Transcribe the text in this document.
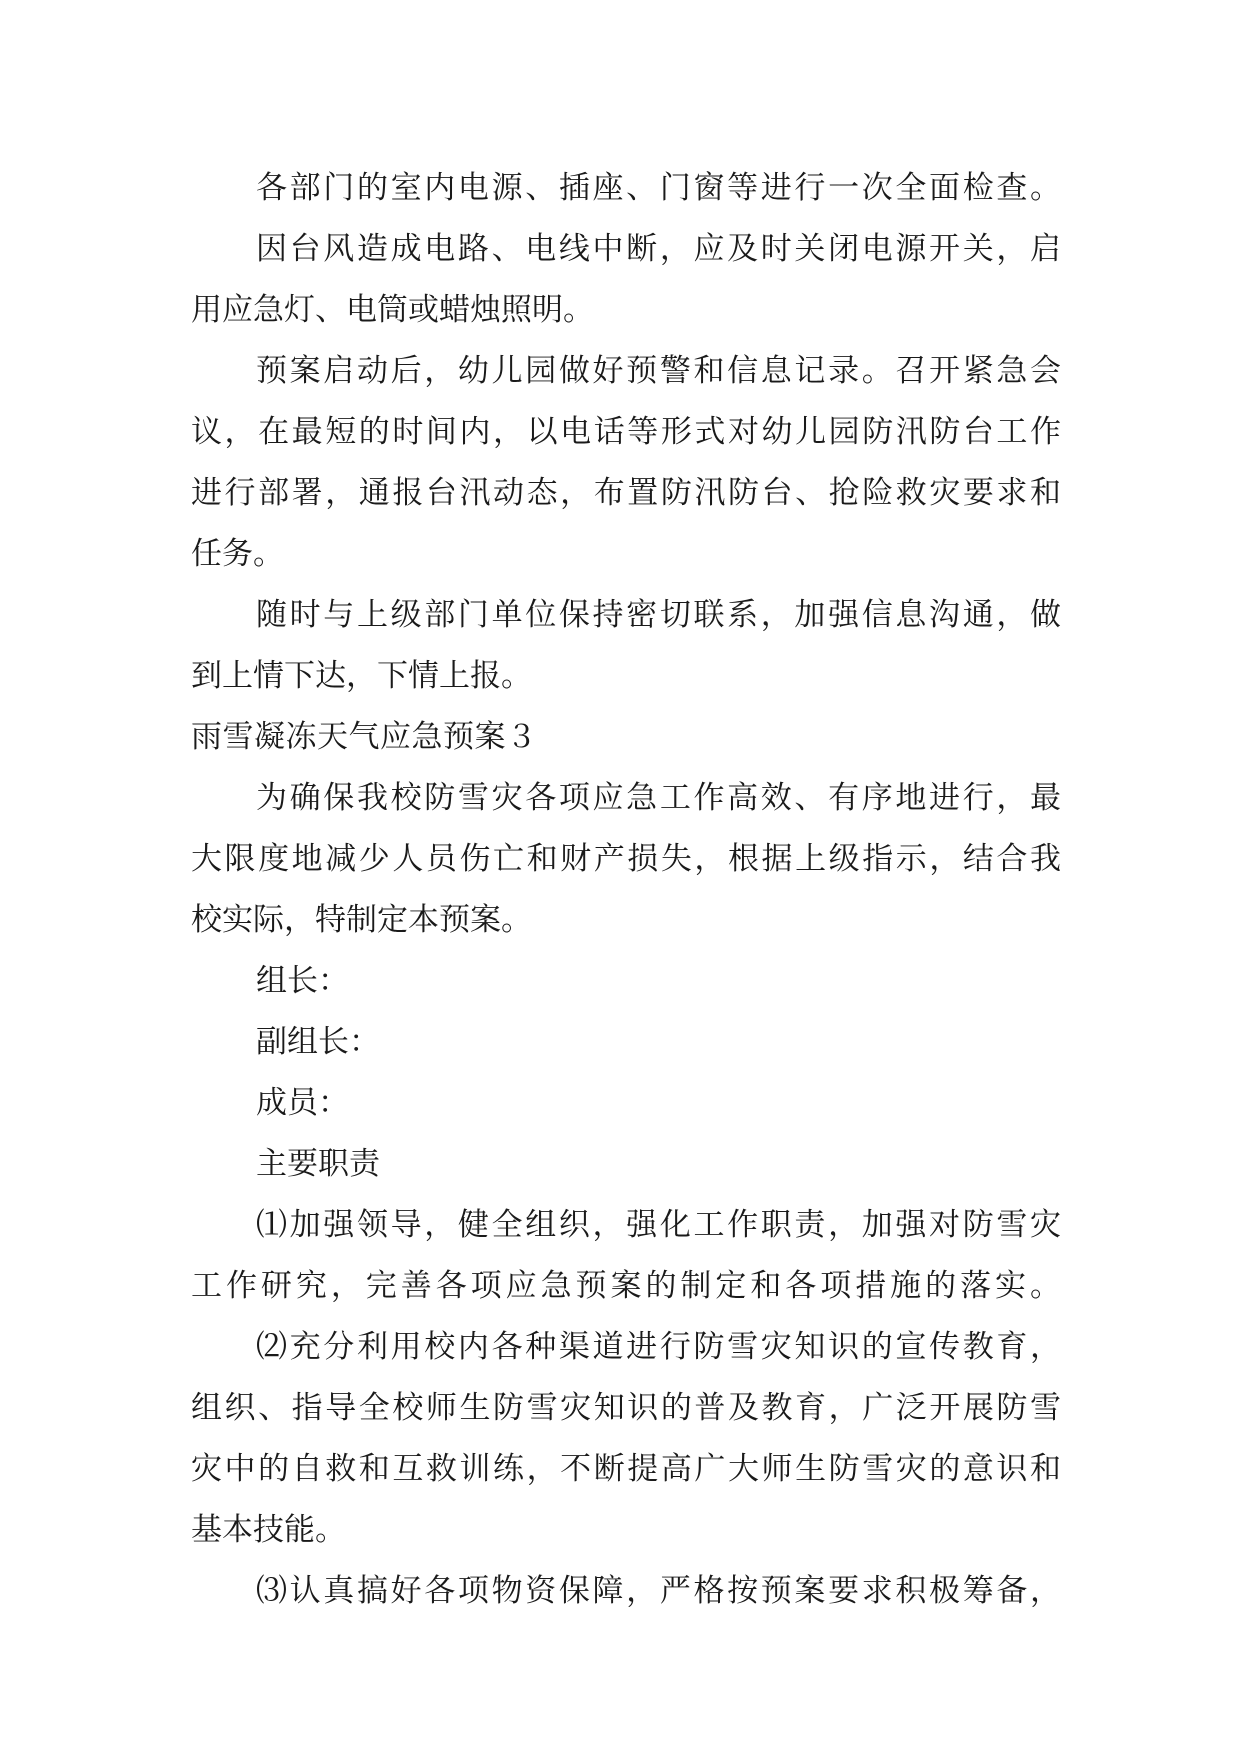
各部门的室内电源、插座、门窗等进行一次全面检查。
因台风造成电路、电线中断，应及时关闭电源开关，启
用应急灯、电筒或蜡烛照明。
预案启动后，幼儿园做好预警和信息记录。召开紧急会
议，在最短的时间内，以电话等形式对幼儿园防汛防台工作
进行部署，通报台汛动态，布置防汛防台、抢险救灾要求和
任务。
随时与上级部门单位保持密切联系，加强信息沟通，做
到上情下达，下情上报。
雨雪凝冻天气应急预案３
为确保我校防雪灾各项应急工作高效、有序地进行，最
大限度地减少人员伤亡和财产损失，根据上级指示，结合我
校实际，特制定本预案。
组长：
副组长：
成员：
主要职责
⑴加强领导，健全组织，强化工作职责，加强对防雪灾
工作研究，完善各项应急预案的制定和各项措施的落实。
⑵充分利用校内各种渠道进行防雪灾知识的宣传教育，
组织、指导全校师生防雪灾知识的普及教育，广泛开展防雪
灾中的自救和互救训练，不断提高广大师生防雪灾的意识和
基本技能。
⑶认真搞好各项物资保障，严格按预案要求积极筹备，
